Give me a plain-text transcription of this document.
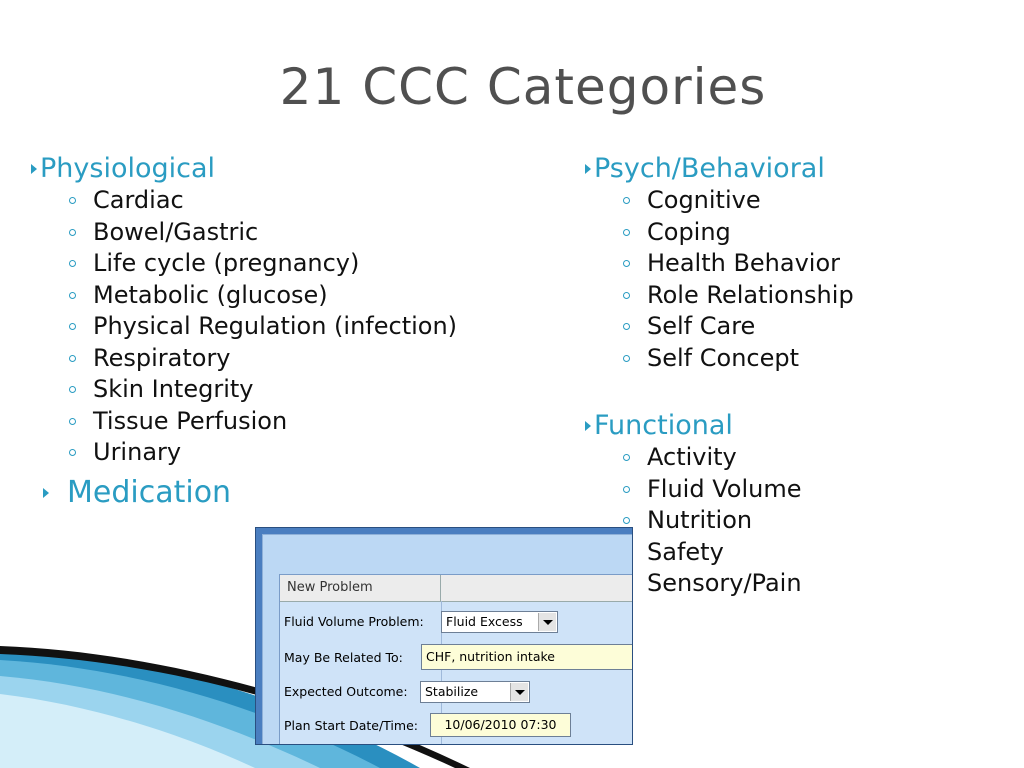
21 CCC Categories
Physiological
Cardiac
Bowel/Gastric
Life cycle (pregnancy)
Metabolic (glucose)
Physical Regulation (infection)
Respiratory
Skin Integrity
Tissue Perfusion
Urinary
Medication
Psych/Behavioral
Cognitive
Coping
Health Behavior
Role Relationship
Self Care
Self Concept
Functional
Activity
Fluid Volume
Nutrition
Safety
Sensory/Pain
New Problem
Fluid Volume Problem:	Fluid Excess
May Be Related To:	CHF, nutrition intake
Expected Outcome:	Stabilize
Plan Start Date/Time:	10/06/2010 07:30
